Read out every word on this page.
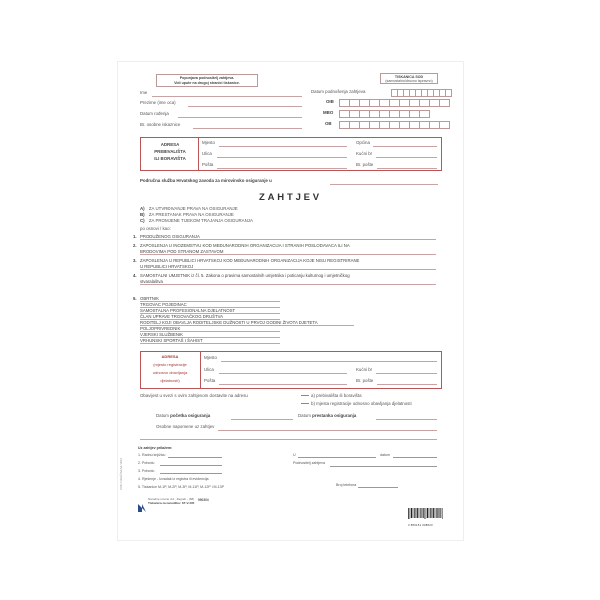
Popunjava podnositelj zahtjeva.
Vidi upute na drugoj stranici tiskanice.
TISKANICA SOD
(samostalno/drucno ispravno)
Ime	Datum podnošenja zahtjeva
Prezime (ime oca)	OIB
Datum rođenja	MBO
Br. osobne iskaznice	OB
ADRESA
PREBIVALIŠTA
ILI BORAVIŠTA
Mjesto	Općina
Ulica	Kućni br
Pošta	Br. pošte
Područna služba Hrvatskog zavoda za mirovinsko osiguranje u
ZAHTJEV
A) ZA UTVRĐIVANJE PRAVA NA OSIGURANJE
B) ZA PRESTANAK PRAVA NA OSIGURANJE
C) ZA PROMJENE TIJEKOM TRAJANJA OSIGURANJA
po osnovi / kao:
1. PRODUŽENOG OSIGURANJA
2. ZAPOSLENJA U INOZEMSTVU KOD MEĐUNARODNIH ORGANIZACIJA I STRANIH POSLODAVACA ILI NA
BRODOVIMA POD STRANOM ZASTAVOM
3. ZAPOSLENJA U REPUBLICI HRVATSKOJ KOD MEĐUNARODNIH ORGANIZACIJA KOJE NISU REGISTRIRANE
U REPUBLICI HRVATSKOJ
4. SAMOSTALNI UMJETNIK iz čl. 5. Zakona o pravima samostalnih umjetnika i poticanju kulturnog i umjetničkog
stvaralaštva
5. OBRTNIK
TRGOVAC POJEDINAC
SAMOSTALNA PROFESIONALNA DJELATNOST
ČLAN UPRAVE TRGOVAČKOG DRUŠTVA
RODITELJ KOJI OBAVLJA RODITELJSKE DUŽNOSTI U PRVOJ GODINI ŽIVOTA DJETETA
POLJOPRIVREDNIK
VJERSKI SLUŽBENIK
VRHUNSKI SPORTAŠ I ŠAHIST
ADRESA
(mjesto registracije
odnosno obavljanja
djelatnosti)
Mjesto
Ulica	Kućni br
Pošta	Br. pošte
Obavijest u svezi s ovim zahtjevom dostavite na adresu	a) prebivališta ili boravišta
b) mjesta registracije odnosno obavljanja djelatnosti
Datum početka osiguranja	Datum prestanka osiguranja
Osobne napomene uz zahtjev
Uz zahtjev prilažem:
1. Radnu knjižicu
2. Potvrdu
3. Potvrdu
4. Rješenje - Izvadak iz registra ili evidencija
5. Tiskanice M-1P, M-2P, M-3P, M-11P, M-12P i M-13P
U	datum
Podnositelj zahtjeva
Broj telefona
Narodne novine d.d., Zagreb - (68)
Tiskanica za narudžbu: ST-V-405
990304
3 850151 008523
SOD 1 VELIČINA A4 / 2014
